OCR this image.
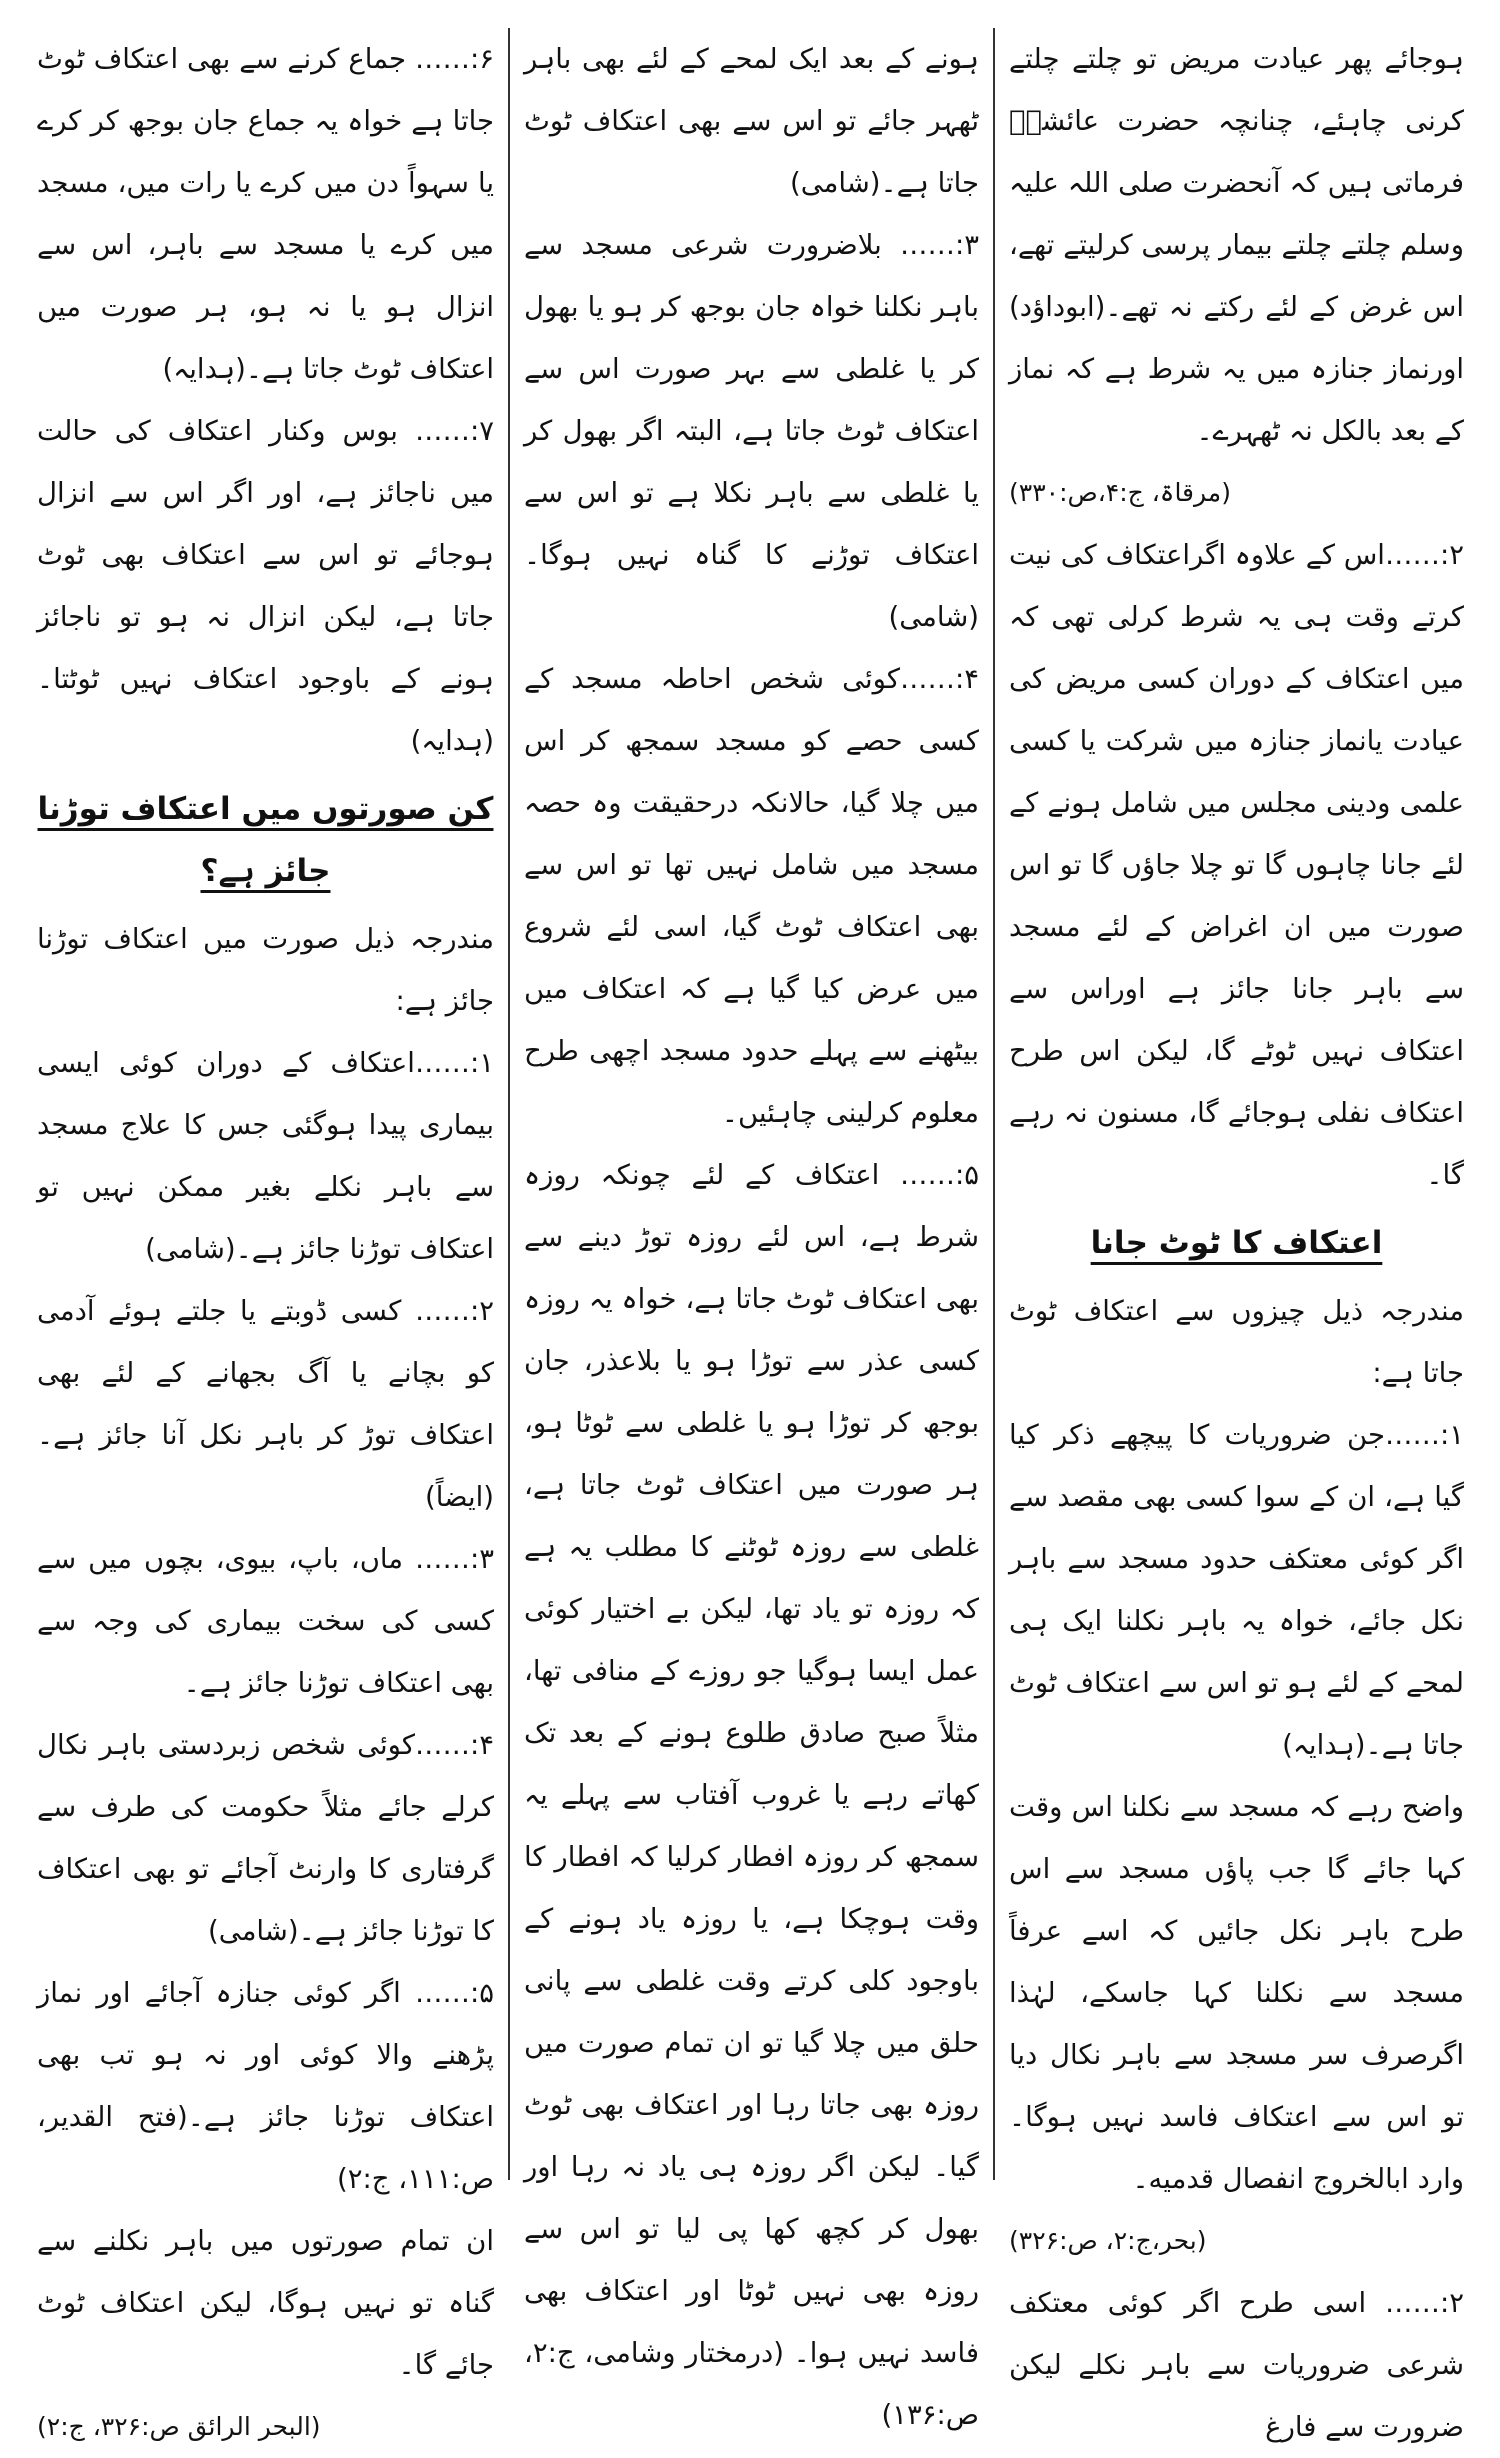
ہوجائے پھر عیادت مریض تو چلتے چلتے کرنی چاہئے، چنانچہ حضرت عائشہؓ فرماتی ہیں کہ آنحضرت صلی اللہ علیہ وسلم چلتے چلتے بیمار پرسی کرلیتے تھے، اس غرض کے لئے رکتے نہ تھے۔(ابوداؤد) اورنماز جنازہ میں یہ شرط ہے کہ نماز کے بعد بالکل نہ ٹھہرے۔

(مرقاۃ، ج:۴،ص:۳۳۰)

۲:……اس کے علاوہ اگراعتکاف کی نیت کرتے وقت ہی یہ شرط کرلی تھی کہ میں اعتکاف کے دوران کسی مریض کی عیادت یانماز جنازہ میں شرکت یا کسی علمی ودینی مجلس میں شامل ہونے کے لئے جانا چاہوں گا تو چلا جاؤں گا تو اس صورت میں ان اغراض کے لئے مسجد سے باہر جانا جائز ہے اوراس سے اعتکاف نہیں ٹوٹے گا، لیکن اس طرح اعتکاف نفلی ہوجائے گا، مسنون نہ رہے گا۔

اعتکاف کا ٹوٹ جانا

مندرجہ ذیل چیزوں سے اعتکاف ٹوٹ جاتا ہے:

۱:……جن ضروریات کا پیچھے ذکر کیا گیا ہے، ان کے سوا کسی بھی مقصد سے اگر کوئی معتکف حدود مسجد سے باہر نکل جائے، خواہ یہ باہر نکلنا ایک ہی لمحے کے لئے ہو تو اس سے اعتکاف ٹوٹ جاتا ہے۔(ہدایہ)

واضح رہے کہ مسجد سے نکلنا اس وقت کہا جائے گا جب پاؤں مسجد سے اس طرح باہر نکل جائیں کہ اسے عرفاً مسجد سے نکلنا کہا جاسکے، لہٰذا اگرصرف سر مسجد سے باہر نکال دیا تو اس سے اعتکاف فاسد نہیں ہوگا۔ وارد ابالخروج انفصال قدمیه۔

(بحر،ج:۲، ص:۳۲۶)

۲:…… اسی طرح اگر کوئی معتکف شرعی ضروریات سے باہر نکلے لیکن ضرورت سے فارغ

ہونے کے بعد ایک لمحے کے لئے بھی باہر ٹھہر جائے تو اس سے بھی اعتکاف ٹوٹ جاتا ہے۔(شامی)

۳:…… بلاضرورت شرعی مسجد سے باہر نکلنا خواہ جان بوجھ کر ہو یا بھول کر یا غلطی سے بہر صورت اس سے اعتکاف ٹوٹ جاتا ہے، البتہ اگر بھول کر یا غلطی سے باہر نکلا ہے تو اس سے اعتکاف توڑنے کا گناہ نہیں ہوگا۔(شامی)

۴:……کوئی شخص احاطہ مسجد کے کسی حصے کو مسجد سمجھ کر اس میں چلا گیا، حالانکہ درحقیقت وہ حصہ مسجد میں شامل نہیں تھا تو اس سے بھی اعتکاف ٹوٹ گیا، اسی لئے شروع میں عرض کیا گیا ہے کہ اعتکاف میں بیٹھنے سے پہلے حدود مسجد اچھی طرح معلوم کرلینی چاہئیں۔

۵:…… اعتکاف کے لئے چونکہ روزہ شرط ہے، اس لئے روزہ توڑ دینے سے بھی اعتکاف ٹوٹ جاتا ہے، خواہ یہ روزہ کسی عذر سے توڑا ہو یا بلاعذر، جان بوجھ کر توڑا ہو یا غلطی سے ٹوٹا ہو، ہر صورت میں اعتکاف ٹوٹ جاتا ہے، غلطی سے روزہ ٹوٹنے کا مطلب یہ ہے کہ روزہ تو یاد تھا، لیکن بے اختیار کوئی عمل ایسا ہوگیا جو روزے کے منافی تھا، مثلاً صبح صادق طلوع ہونے کے بعد تک کھاتے رہے یا غروب آفتاب سے پہلے یہ سمجھ کر روزہ افطار کرلیا کہ افطار کا وقت ہوچکا ہے، یا روزہ یاد ہونے کے باوجود کلی کرتے وقت غلطی سے پانی حلق میں چلا گیا تو ان تمام صورت میں روزہ بھی جاتا رہا اور اعتکاف بھی ٹوٹ گیا۔ لیکن اگر روزہ ہی یاد نہ رہا اور بھول کر کچھ کھا پی لیا تو اس سے روزہ بھی نہیں ٹوٹا اور اعتکاف بھی فاسد نہیں ہوا۔ (درمختار وشامی، ج:۲، ص:۱۳۶)

۶:…… جماع کرنے سے بھی اعتکاف ٹوٹ جاتا ہے خواہ یہ جماع جان بوجھ کر کرے یا سہواً دن میں کرے یا رات میں، مسجد میں کرے یا مسجد سے باہر، اس سے انزال ہو یا نہ ہو، ہر صورت میں اعتکاف ٹوٹ جاتا ہے۔(ہدایہ)

۷:…… بوس وکنار اعتکاف کی حالت میں ناجائز ہے، اور اگر اس سے انزال ہوجائے تو اس سے اعتکاف بھی ٹوٹ جاتا ہے، لیکن انزال نہ ہو تو ناجائز ہونے کے باوجود اعتکاف نہیں ٹوٹتا۔(ہدایہ)

کن صورتوں میں اعتکاف توڑنا جائز ہے؟

مندرجہ ذیل صورت میں اعتکاف توڑنا جائز ہے:

۱:……اعتکاف کے دوران کوئی ایسی بیماری پیدا ہوگئی جس کا علاج مسجد سے باہر نکلے بغیر ممکن نہیں تو اعتکاف توڑنا جائز ہے۔(شامی)

۲:…… کسی ڈوبتے یا جلتے ہوئے آدمی کو بچانے یا آگ بجھانے کے لئے بھی اعتکاف توڑ کر باہر نکل آنا جائز ہے۔(ایضاً)

۳:…… ماں، باپ، بیوی، بچوں میں سے کسی کی سخت بیماری کی وجہ سے بھی اعتکاف توڑنا جائز ہے۔

۴:……کوئی شخص زبردستی باہر نکال کرلے جائے مثلاً حکومت کی طرف سے گرفتاری کا وارنٹ آجائے تو بھی اعتکاف کا توڑنا جائز ہے۔(شامی)

۵:…… اگر کوئی جنازہ آجائے اور نماز پڑھنے والا کوئی اور نہ ہو تب بھی اعتکاف توڑنا جائز ہے۔(فتح القدیر، ص:۱۱۱، ج:۲)

ان تمام صورتوں میں باہر نکلنے سے گناہ تو نہیں ہوگا، لیکن اعتکاف ٹوٹ جائے گا۔

(البحر الرائق ص:۳۲۶، ج:۲)
